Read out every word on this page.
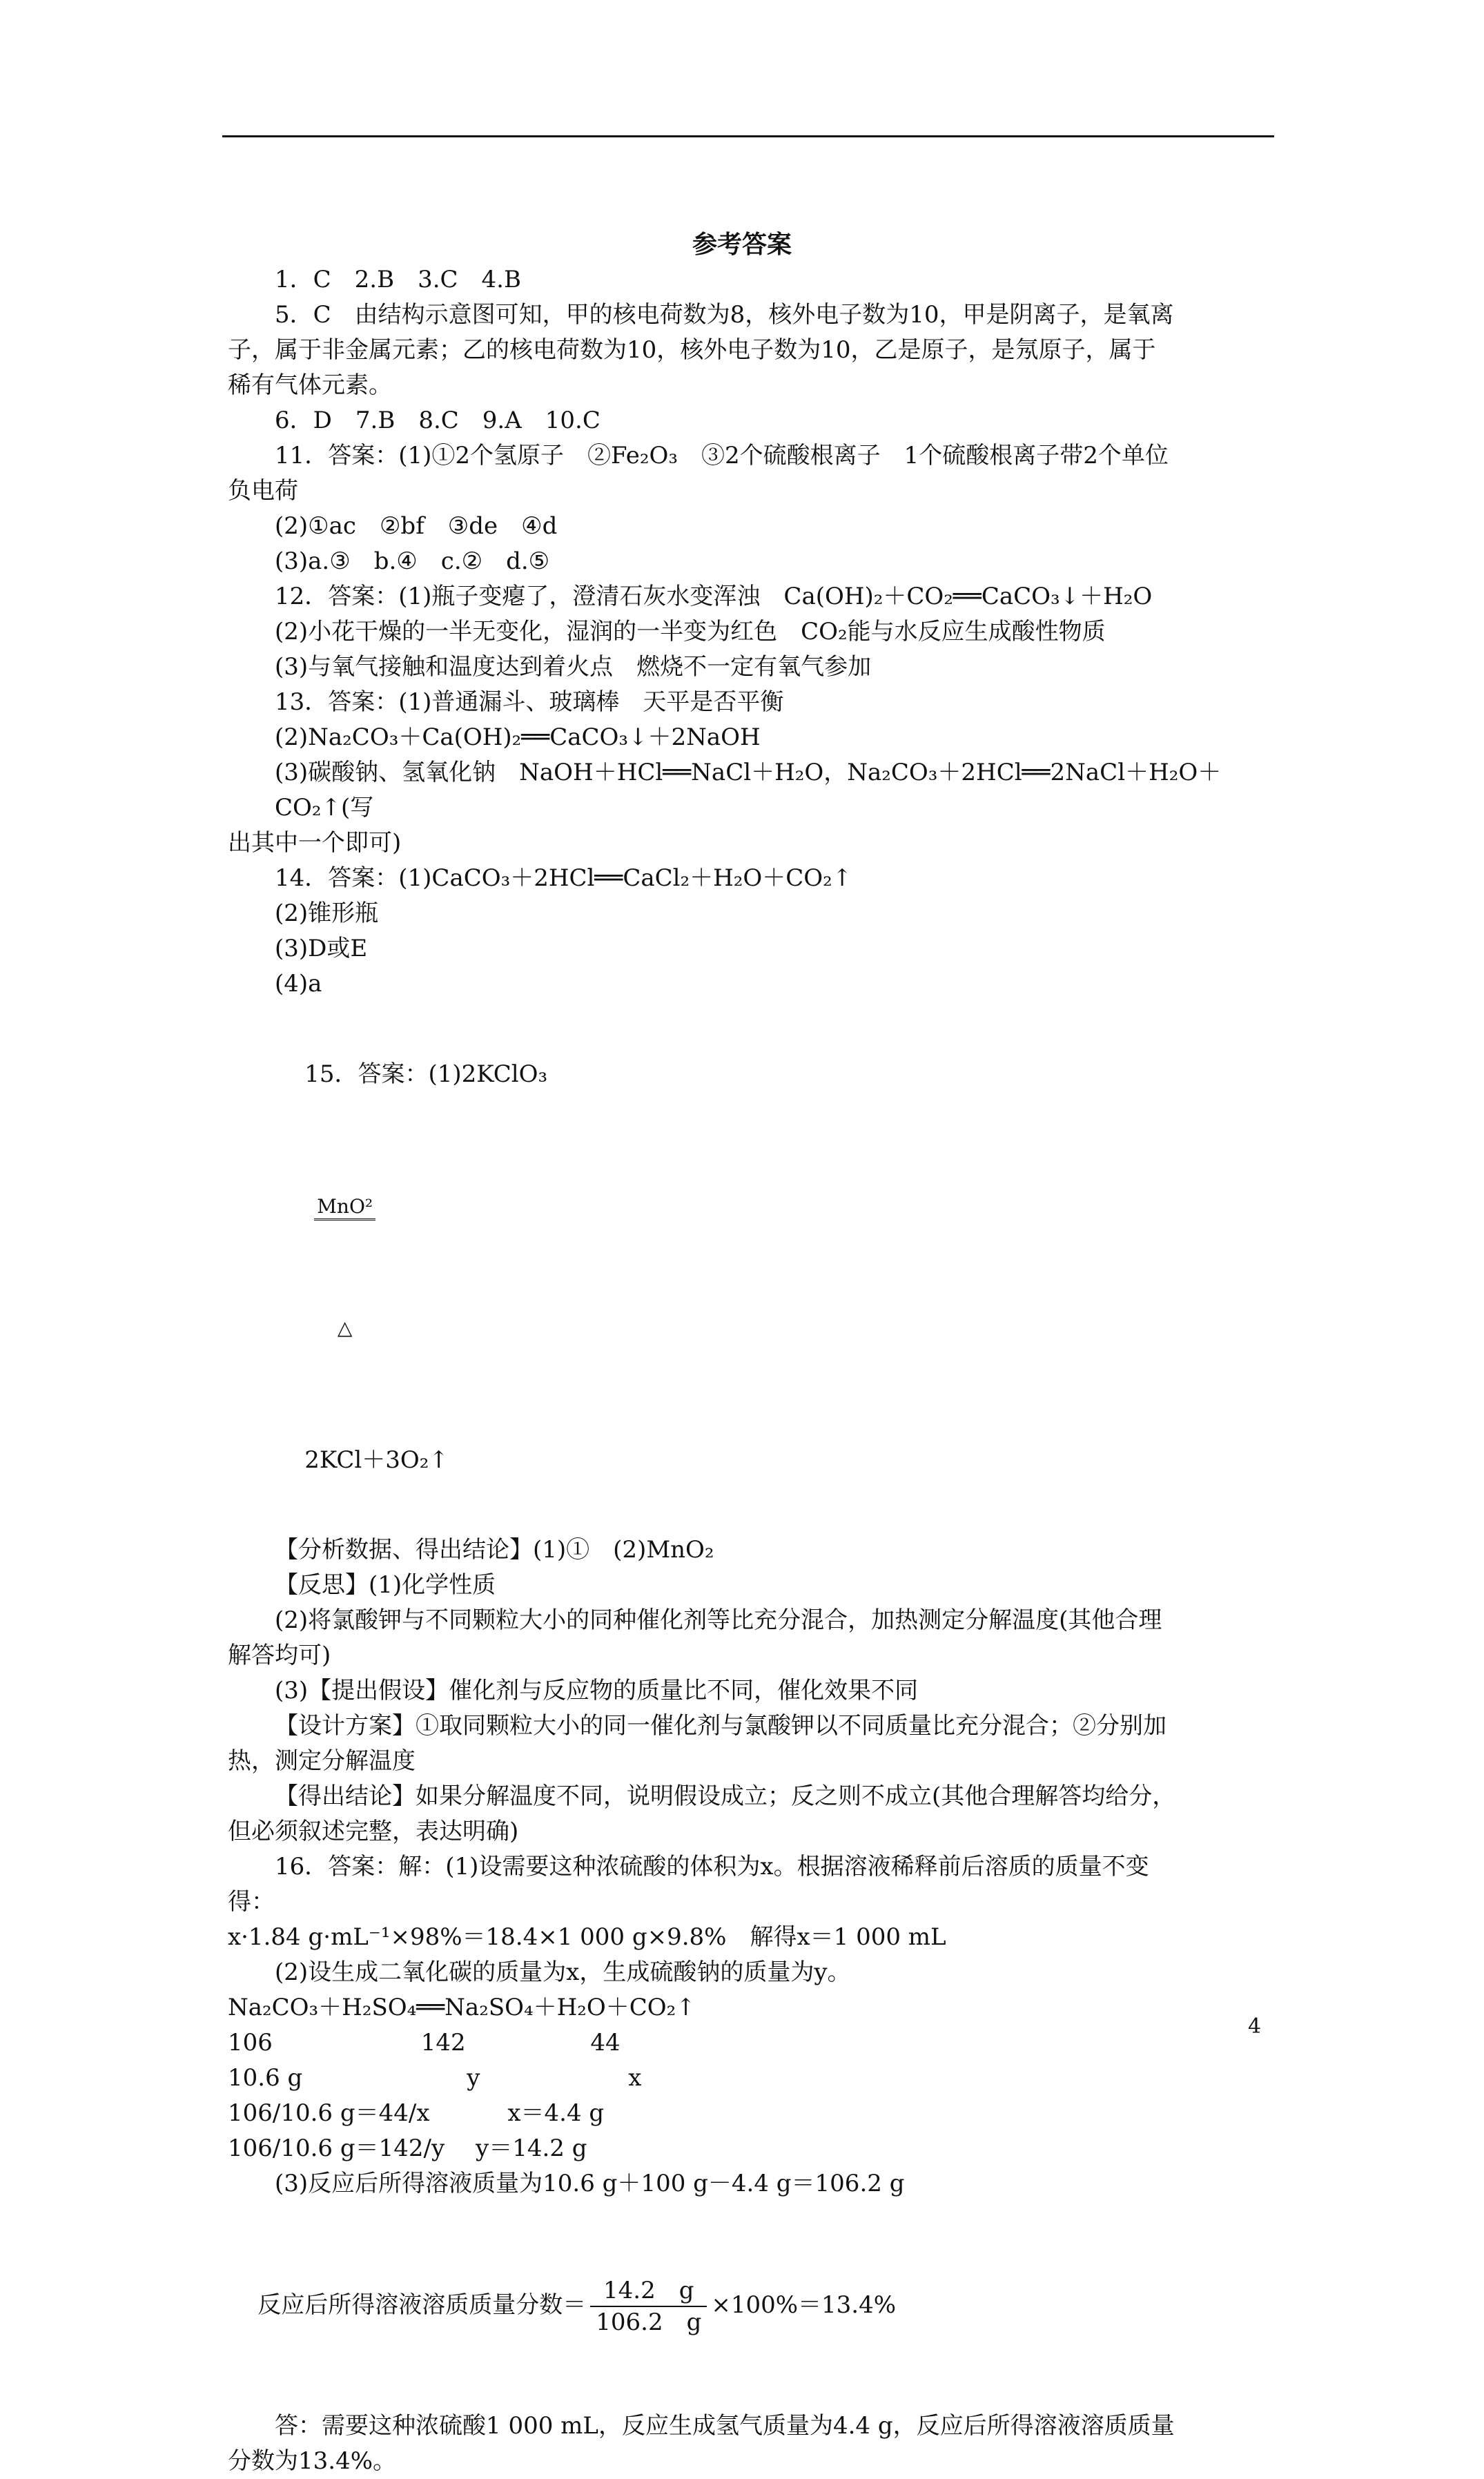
参考答案
1．C　2.B　3.C　4.B
5．C　由结构示意图可知，甲的核电荷数为8，核外电子数为10，甲是阴离子，是氧离
子，属于非金属元素；乙的核电荷数为10，核外电子数为10，乙是原子，是氖原子，属于
稀有气体元素。
6．D　7.B　8.C　9.A　10.C
11．答案：(1)①2个氢原子　②Fe₂O₃　③2个硫酸根离子　1个硫酸根离子带2个单位
负电荷
(2)①ac　②bf　③de　④d
(3)a.③　b.④　c.②　d.⑤
12．答案：(1)瓶子变瘪了，澄清石灰水变浑浊　Ca(OH)₂＋CO₂══CaCO₃↓＋H₂O
(2)小花干燥的一半无变化，湿润的一半变为红色　CO₂能与水反应生成酸性物质
(3)与氧气接触和温度达到着火点　燃烧不一定有氧气参加
13．答案：(1)普通漏斗、玻璃棒　天平是否平衡
(2)Na₂CO₃＋Ca(OH)₂══CaCO₃↓＋2NaOH
(3)碳酸钠、氢氧化钠　NaOH＋HCl══NaCl＋H₂O，Na₂CO₃＋2HCl══2NaCl＋H₂O＋CO₂↑(写
出其中一个即可)
14．答案：(1)CaCO₃＋2HCl══CaCl₂＋H₂O＋CO₂↑
(2)锥形瓶
(3)D或E
(4)a

15．答案：(1)2KClO₃

MnO²

△

2KCl＋3O₂↑

【分析数据、得出结论】(1)①　(2)MnO₂
【反思】(1)化学性质
(2)将氯酸钾与不同颗粒大小的同种催化剂等比充分混合，加热测定分解温度(其他合理
解答均可)
(3)【提出假设】催化剂与反应物的质量比不同，催化效果不同
【设计方案】①取同颗粒大小的同一催化剂与氯酸钾以不同质量比充分混合；②分别加
热，测定分解温度
【得出结论】如果分解温度不同，说明假设成立；反之则不成立(其他合理解答均给分，
但必须叙述完整，表达明确)
16．答案：解：(1)设需要这种浓硫酸的体积为x。根据溶液稀释前后溶质的质量不变
得：
x·1.84 g·mL⁻¹×98%＝18.4×1 000 g×9.8%　解得x＝1 000 mL
(2)设生成二氧化碳的质量为x，生成硫酸钠的质量为y。
Na₂CO₃＋H₂SO₄══Na₂SO₄＋H₂O＋CO₂↑
106　　　　　　 142　　　　　 44
10.6 g　　　　　　　y　　　　　　 x
106/10.6 g＝44/x　　　 x＝4.4 g
106/10.6 g＝142/y　 y＝14.2 g
(3)反应后所得溶液质量为10.6 g＋100 g－4.4 g＝106.2 g

反应后所得溶液溶质质量分数＝ $\frac{14.2 g}{106.2 g} \times 100\%=13.4\%$

答：需要这种浓硫酸1 000 mL，反应生成氢气质量为4.4 g，反应后所得溶液溶质质量
分数为13.4%。
4
